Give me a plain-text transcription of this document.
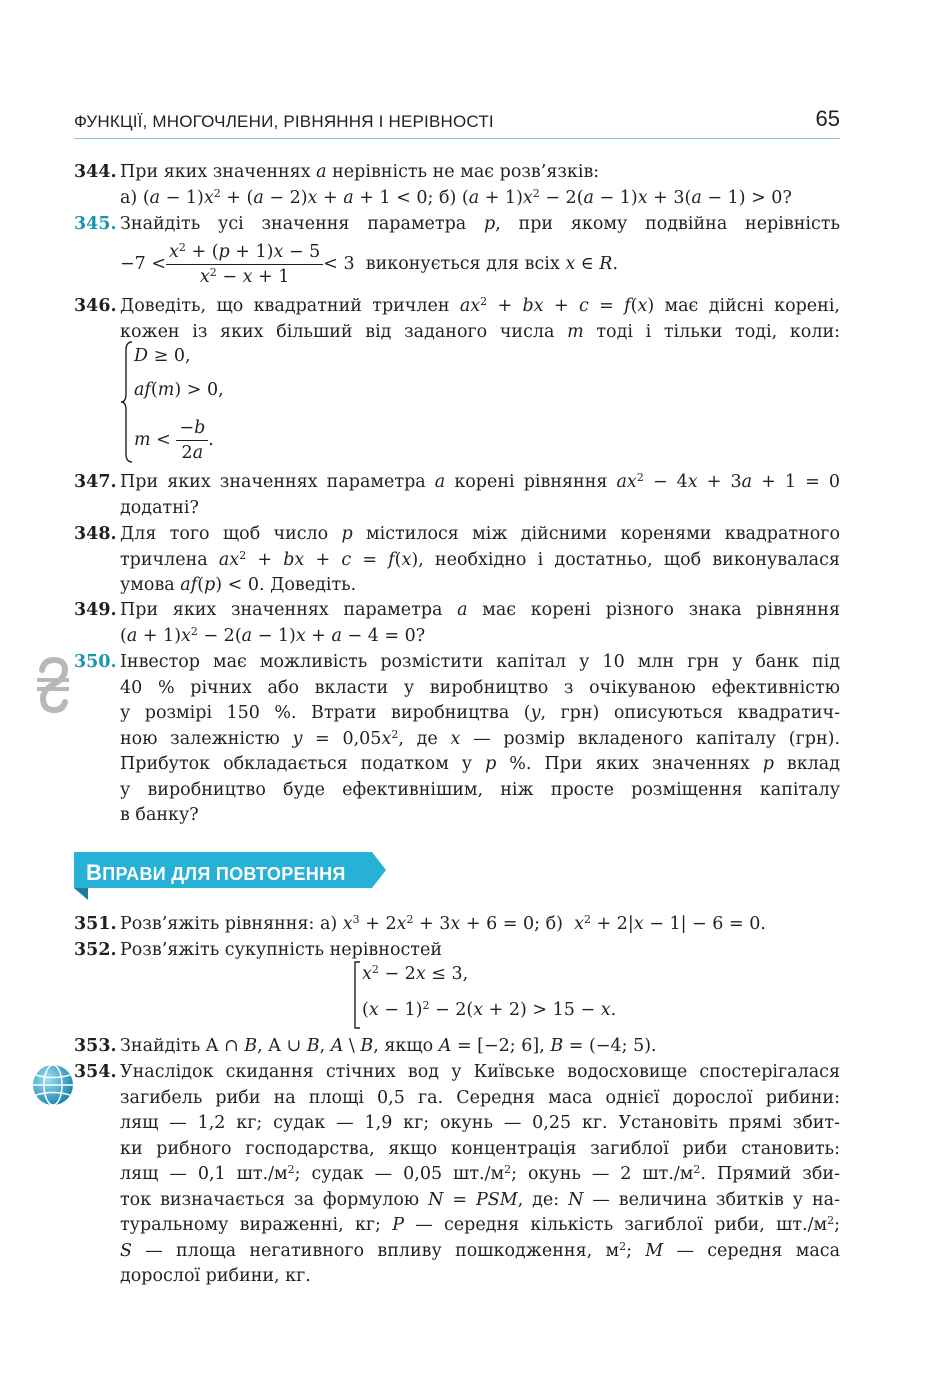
ФУНКЦІЇ, МНОГОЧЛЕНИ, РІВНЯННЯ І НЕРІВНОСТІ	65
344. При яких значеннях a нерівність не має розв’язків:
а) $(a - 1)x^2 + (a - 2)x + a + 1 < 0$; б) $(a + 1)x^2 - 2(a - 1)x + 3(a - 1) > 0$?
345. Знайдіть усі значення параметра p, при якому подвійна нерівність
$-7 < \frac{x^2 + (p + 1)x - 5}{x^2 - x + 1} < 3$  виконується для всіх x ∈ R.
346. Доведіть, що квадратний тричлен $ax^2$ + bx + c = f(x) має дійсні корені,
кожен із яких більший від заданого числа m тоді і тільки тоді, коли:
D ≥ 0,
af(m) > 0,
$m < \frac{-b}{2a}$ .
347. При яких значеннях параметра a корені рівняння $ax^2 - 4x + 3a + 1 = 0$
додатні?
348. Для того щоб число p містилося між дійсними коренями квадратного
тричлена $ax^2$ + bx + c = f(x), необхідно і достатньо, щоб виконувалася
умова af(p) < 0. Доведіть.
349. При яких значеннях параметра a має корені різного знака рівняння
$(a + 1)x^2 - 2(a - 1)x + a - 4 = 0$?
350. Інвестор має можливість розмістити капітал у 10 млн грн у банк під
40 % річних або вкласти у виробництво з очікуваною ефективністю
у розмірі 150 %. Втрати виробництва (y, грн) описуються квадратич-
ною залежністю $y = 0,05x^2$, де x — розмір вкладеного капіталу (грн).
Прибуток обкладається податком у p %. При яких значеннях p вклад
у виробництво буде ефективнішим, ніж просте розміщення капіталу
в банку?
ВПРАВИ ДЛЯ ПОВТОРЕННЯ
351. Розв’яжіть рівняння: а) $x^3 + 2x^2 + 3x + 6 = 0$; б)  $x^2 + 2|x - 1| - 6 = 0$.
352. Розв’яжіть сукупність нерівностей
$x^2 - 2x \le 3$,
$(x - 1)^2 - 2(x + 2) > 15 - x$.
353. Знайдіть A ∩ B, A ∪ B, A \ B, якщо A = [−2; 6], B = (−4; 5).
354. Унаслідок скидання стічних вод у Київське водосховище спостерігалася
загибель риби на площі 0,5 га. Середня маса однієї дорослої рибини:
лящ — 1,2 кг; судак — 1,9 кг; окунь — 0,25 кг. Установіть прямі збит-
ки рибного господарства, якщо концентрація загиблої риби становить:
лящ — 0,1 $шт./м^2$; судак — 0,05 $шт./м^2$; окунь — 2 $шт./м^2$. Прямий зби-
ток визначається за формулою N = PSM, де: N — величина збитків у на-
туральному вираженні, кг; P — середня кількість загиблої риби, $шт./м^2$;
S — площа негативного впливу пошкодження, $м^2$; M — середня маса
дорослої рибини, кг.
